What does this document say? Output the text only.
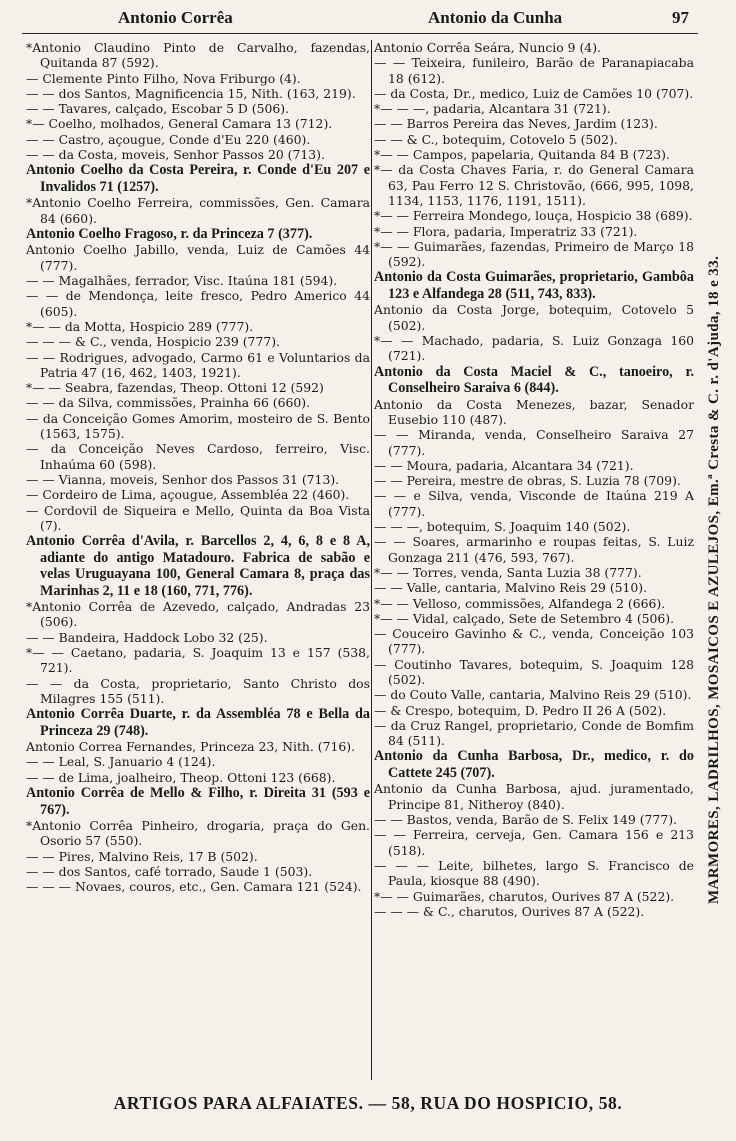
Antonio Corrêa	Antonio da Cunha	97
*Antonio Claudino Pinto de Carvalho, fazendas, Quitanda 87 (592).
— Clemente Pinto Filho, Nova Friburgo (4).
— — dos Santos, Magnificencia 15, Nith. (163, 219).
— — Tavares, calçado, Escobar 5 D (506).
*— Coelho, molhados, General Camara 13 (712).
— — Castro, açougue, Conde d'Eu 220 (460).
— — da Costa, moveis, Senhor Passos 20 (713).
Antonio Coelho da Costa Pereira, r. Conde d'Eu 207 e Invalidos 71 (1257).
*Antonio Coelho Ferreira, commissões, Gen. Camara 84 (660).
Antonio Coelho Fragoso, r. da Princeza 7 (377).
Antonio Coelho Jabillo, venda, Luiz de Camões 44 (777).
— — Magalhães, ferrador, Visc. Itaúna 181 (594).
— — de Mendonça, leite fresco, Pedro Americo 44 (605).
*— — da Motta, Hospicio 289 (777).
— — — & C., venda, Hospicio 239 (777).
— — Rodrigues, advogado, Carmo 61 e Voluntarios da Patria 47 (16, 462, 1403, 1921).
*— — Seabra, fazendas, Theop. Ottoni 12 (592)
— — da Silva, commissões, Prainha 66 (660).
— da Conceição Gomes Amorim, mosteiro de S. Bento (1563, 1575).
— da Conceição Neves Cardoso, ferreiro, Visc. Inhaúma 60 (598).
— — Vianna, moveis, Senhor dos Passos 31 (713).
— Cordeiro de Lima, açougue, Assembléa 22 (460).
— Cordovil de Siqueira e Mello, Quinta da Boa Vista (7).
Antonio Corrêa d'Avila, r. Barcellos 2, 4, 6, 8 e 8 A, adiante do antigo Matadouro. Fabrica de sabão e velas Uruguayana 100, General Camara 8, praça das Marinhas 2, 11 e 18 (160, 771, 776).
*Antonio Corrêa de Azevedo, calçado, Andradas 23 (506).
— — Bandeira, Haddock Lobo 32 (25).
*— — Caetano, padaria, S. Joaquim 13 e 157 (538, 721).
— — da Costa, proprietario, Santo Christo dos Milagres 155 (511).
Antonio Corrêa Duarte, r. da Assembléa 78 e Bella da Princeza 29 (748).
Antonio Correa Fernandes, Princeza 23, Nith. (716).
— — Leal, S. Januario 4 (124).
— — de Lima, joalheiro, Theop. Ottoni 123 (668).
Antonio Corrêa de Mello & Filho, r. Direita 31 (593 e 767).
*Antonio Corrêa Pinheiro, drogaria, praça do Gen. Osorio 57 (550).
— — Pires, Malvino Reis, 17 B (502).
— — dos Santos, café torrado, Saude 1 (503).
— — — Novaes, couros, etc., Gen. Camara 121 (524).
Antonio Corrêa Seára, Nuncio 9 (4).
— — Teixeira, funileiro, Barão de Paranapiacaba 18 (612).
— da Costa, Dr., medico, Luiz de Camões 10 (707).
*— — —, padaria, Alcantara 31 (721).
— — Barros Pereira das Neves, Jardim (123).
— — & C., botequim, Cotovelo 5 (502).
*— — Campos, papelaria, Quitanda 84 B (723).
*— da Costa Chaves Faria, r. do General Camara 63, Pau Ferro 12 S. Christovão, (666, 995, 1098, 1134, 1153, 1176, 1191, 1511).
*— — Ferreira Mondego, louça, Hospicio 38 (689).
*— — Flora, padaria, Imperatriz 33 (721).
*— — Guimarães, fazendas, Primeiro de Março 18 (592).
Antonio da Costa Guimarães, proprietario, Gambôa 123 e Alfandega 28 (511, 743, 833).
Antonio da Costa Jorge, botequim, Cotovelo 5 (502).
*— — Machado, padaria, S. Luiz Gonzaga 160 (721).
Antonio da Costa Maciel & C., tanoeiro, r. Conselheiro Saraiva 6 (844).
Antonio da Costa Menezes, bazar, Senador Eusebio 110 (487).
— — Miranda, venda, Conselheiro Saraiva 27 (777).
— — Moura, padaria, Alcantara 34 (721).
— — Pereira, mestre de obras, S. Luzia 78 (709).
— — e Silva, venda, Visconde de Itaúna 219 A (777).
— — —, botequim, S. Joaquim 140 (502).
— — Soares, armarinho e roupas feitas, S. Luiz Gonzaga 211 (476, 593, 767).
*— — Torres, venda, Santa Luzia 38 (777).
— — Valle, cantaria, Malvino Reis 29 (510).
*— — Velloso, commissões, Alfandega 2 (666).
*— — Vidal, calçado, Sete de Setembro 4 (506).
— Couceiro Gavinho & C., venda, Conceição 103 (777).
— Coutinho Tavares, botequim, S. Joaquim 128 (502).
— do Couto Valle, cantaria, Malvino Reis 29 (510).
— & Crespo, botequim, D. Pedro II 26 A (502).
— da Cruz Rangel, proprietario, Conde de Bomfim 84 (511).
Antonio da Cunha Barbosa, Dr., medico, r. do Cattete 245 (707).
Antonio da Cunha Barbosa, ajud. juramentado, Principe 81, Nitheroy (840).
— — Bastos, venda, Barão de S. Felix 149 (777).
— — Ferreira, cerveja, Gen. Camara 156 e 213 (518).
— — — Leite, bilhetes, largo S. Francisco de Paula, kiosque 88 (490).
*— — Guimarães, charutos, Ourives 87 A (522).
— — — & C., charutos, Ourives 87 A (522).
MARMORES, LADRILHOS, MOSAICOS E AZULEJOS, Em.ª Cresta & C. r. d'Ajuda, 18 e 33.
ARTIGOS PARA ALFAIATES. — 58, RUA DO HOSPICIO, 58.
